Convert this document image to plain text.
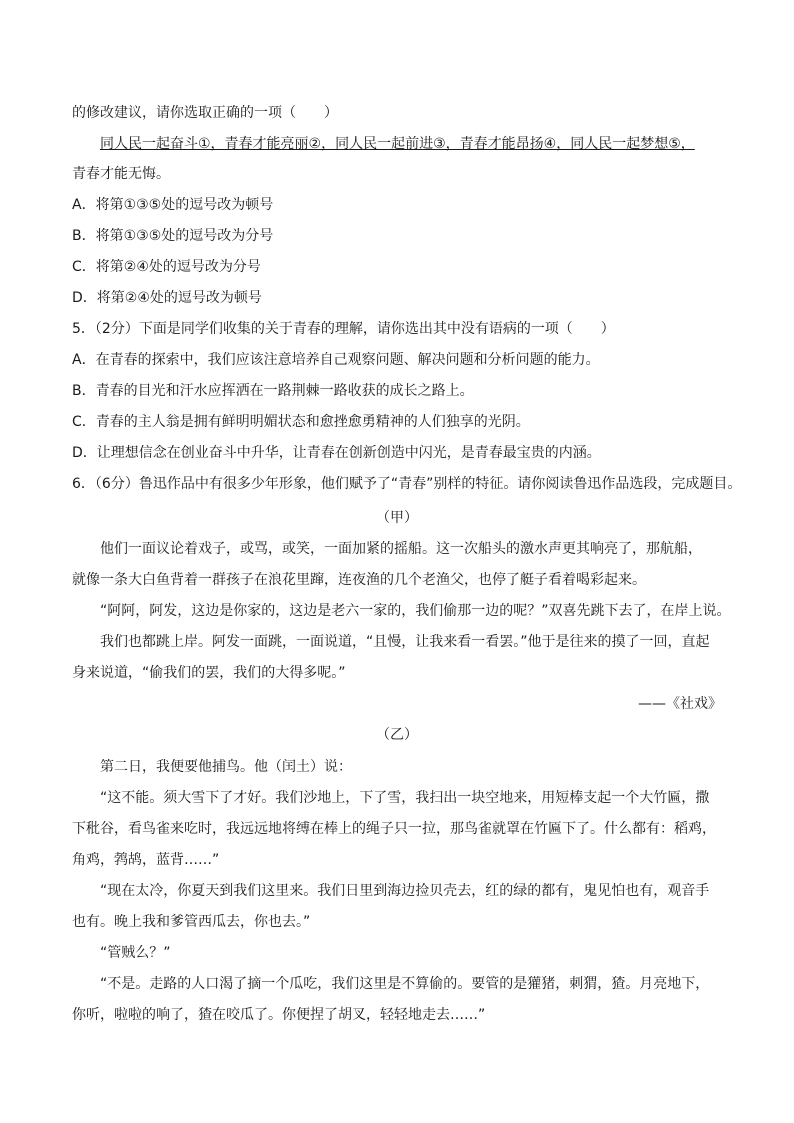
的修改建议，请你选取正确的一项（　　）
同人民一起奋斗①，青春才能亮丽②，同人民一起前进③，青春才能昂扬④，同人民一起梦想⑤，
青春才能无悔。
A．将第①③⑤处的逗号改为顿号
B．将第①③⑤处的逗号改为分号
C．将第②④处的逗号改为分号
D．将第②④处的逗号改为顿号
5．（2分）下面是同学们收集的关于青春的理解，请你选出其中没有语病的一项（　　）
A．在青春的探索中，我们应该注意培养自己观察问题、解决问题和分析问题的能力。
B．青春的目光和汗水应挥洒在一路荆棘一路收获的成长之路上。
C．青春的主人翁是拥有鲜明明媚状态和愈挫愈勇精神的人们独享的光阴。
D．让理想信念在创业奋斗中升华，让青春在创新创造中闪光，是青春最宝贵的内涵。
6．（6分）鲁迅作品中有很多少年形象，他们赋予了“青春”别样的特征。请你阅读鲁迅作品选段，完成题目。
（甲）
他们一面议论着戏子，或骂，或笑，一面加紧的摇船。这一次船头的激水声更其响亮了，那航船，
就像一条大白鱼背着一群孩子在浪花里蹿，连夜渔的几个老渔父，也停了艇子看着喝彩起来。
“阿阿，阿发，这边是你家的，这边是老六一家的，我们偷那一边的呢？”双喜先跳下去了，在岸上说。
我们也都跳上岸。阿发一面跳，一面说道，“且慢，让我来看一看罢。”他于是往来的摸了一回，直起
身来说道，“偷我们的罢，我们的大得多呢。”
——《社戏》
（乙）
第二日，我便要他捕鸟。他（闰土）说：
“这不能。须大雪下了才好。我们沙地上，下了雪，我扫出一块空地来，用短棒支起一个大竹匾，撒
下秕谷，看鸟雀来吃时，我远远地将缚在棒上的绳子只一拉，那鸟雀就罩在竹匾下了。什么都有：稻鸡，
角鸡，鹁鸪，蓝背……”
“现在太冷，你夏天到我们这里来。我们日里到海边捡贝壳去，红的绿的都有，鬼见怕也有，观音手
也有。晚上我和爹管西瓜去，你也去。”
“管贼么？”
“不是。走路的人口渴了摘一个瓜吃，我们这里是不算偷的。要管的是獾猪，刺猬，猹。月亮地下，
你听，啦啦的响了，猹在咬瓜了。你便捏了胡叉，轻轻地走去……”
